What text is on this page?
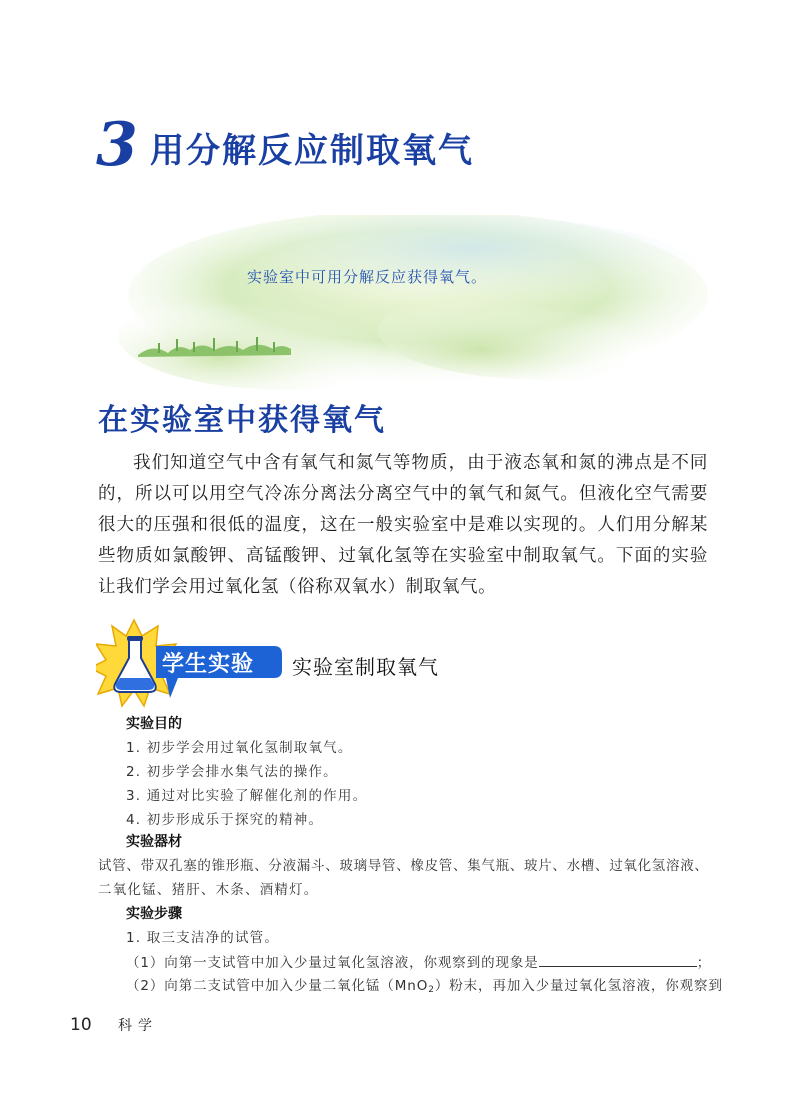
3 用分解反应制取氧气
实验室中可用分解反应获得氧气。
在实验室中获得氧气
我们知道空气中含有氧气和氮气等物质，由于液态氧和氮的沸点是不同的，所以可以用空气冷冻分离法分离空气中的氧气和氮气。但液化空气需要很大的压强和很低的温度，这在一般实验室中是难以实现的。人们用分解某些物质如氯酸钾、高锰酸钾、过氧化氢等在实验室中制取氧气。下面的实验让我们学会用过氧化氢（俗称双氧水）制取氧气。
学生实验 实验室制取氧气
实验目的
1. 初步学会用过氧化氢制取氧气。
2. 初步学会排水集气法的操作。
3. 通过对比实验了解催化剂的作用。
4. 初步形成乐于探究的精神。
实验器材
试管、带双孔塞的锥形瓶、分液漏斗、玻璃导管、橡皮管、集气瓶、玻片、水槽、过氧化氢溶液、
二氧化锰、猪肝、木条、酒精灯。
实验步骤
1. 取三支洁净的试管。
（1）向第一支试管中加入少量过氧化氢溶液，你观察到的现象是	；
（2）向第二支试管中加入少量二氧化锰（MnO$_2$）粉末，再加入少量过氧化氢溶液，你观察到
10 科学
